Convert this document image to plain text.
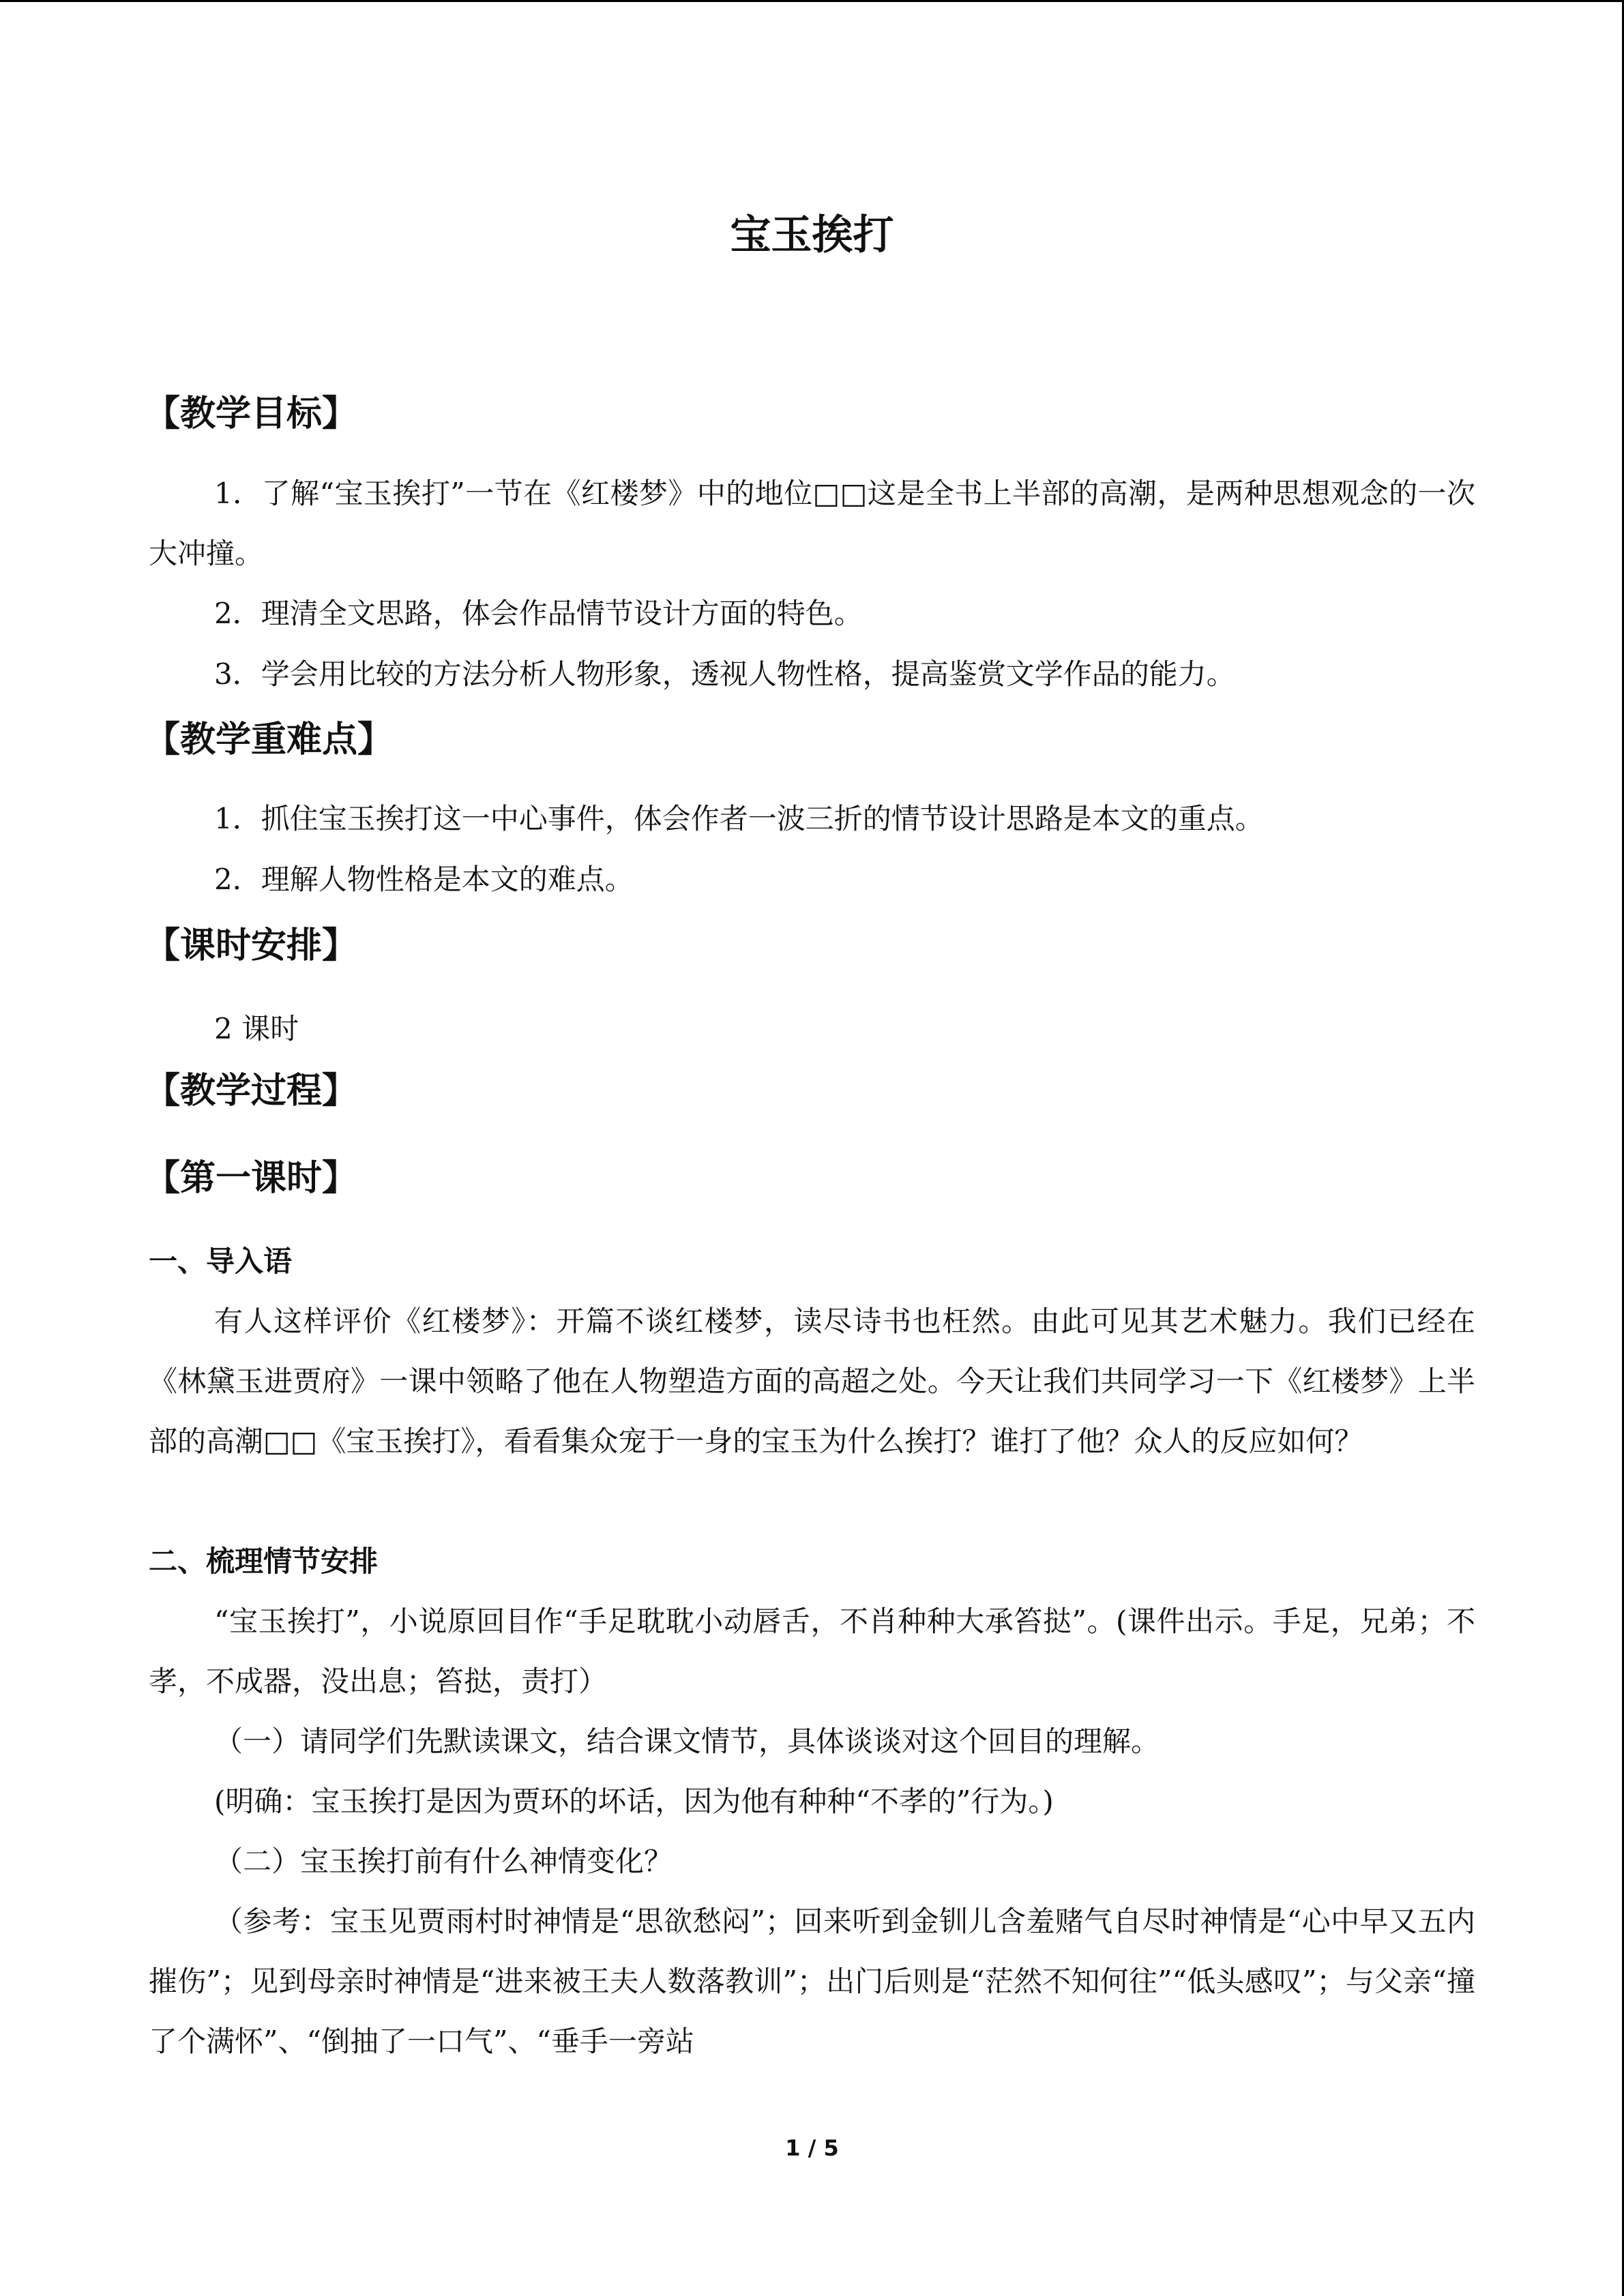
宝玉挨打
【教学目标】

1．了解“宝玉挨打”一节在《红楼梦》中的地位□□这是全书上半部的高潮，是两种思想观念的一次大冲撞。

2．理清全文思路，体会作品情节设计方面的特色。

3．学会用比较的方法分析人物形象，透视人物性格，提高鉴赏文学作品的能力。

【教学重难点】

1．抓住宝玉挨打这一中心事件，体会作者一波三折的情节设计思路是本文的重点。

2．理解人物性格是本文的难点。

【课时安排】

2 课时

【教学过程】
【第一课时】
一、导入语

有人这样评价《红楼梦》：开篇不谈红楼梦，读尽诗书也枉然。由此可见其艺术魅力。我们已经在《林黛玉进贾府》一课中领略了他在人物塑造方面的高超之处。今天让我们共同学习一下《红楼梦》上半部的高潮□□《宝玉挨打》，看看集众宠于一身的宝玉为什么挨打？谁打了他？众人的反应如何？

二、梳理情节安排

“宝玉挨打”，小说原回目作“手足耽耽小动唇舌，不肖种种大承笞挞”。(课件出示。手足，兄弟；不孝，不成器，没出息；笞挞，责打）

（一）请同学们先默读课文，结合课文情节，具体谈谈对这个回目的理解。

(明确：宝玉挨打是因为贾环的坏话，因为他有种种“不孝的”行为。)

（二）宝玉挨打前有什么神情变化？

（参考：宝玉见贾雨村时神情是“思欲愁闷”；回来听到金钏儿含羞赌气自尽时神情是“心中早又五内摧伤”；见到母亲时神情是“进来被王夫人数落教训”；出门后则是“茫然不知何往”“低头感叹”；与父亲“撞了个满怀”、“倒抽了一口气”、“垂手一旁站

1 / 5
